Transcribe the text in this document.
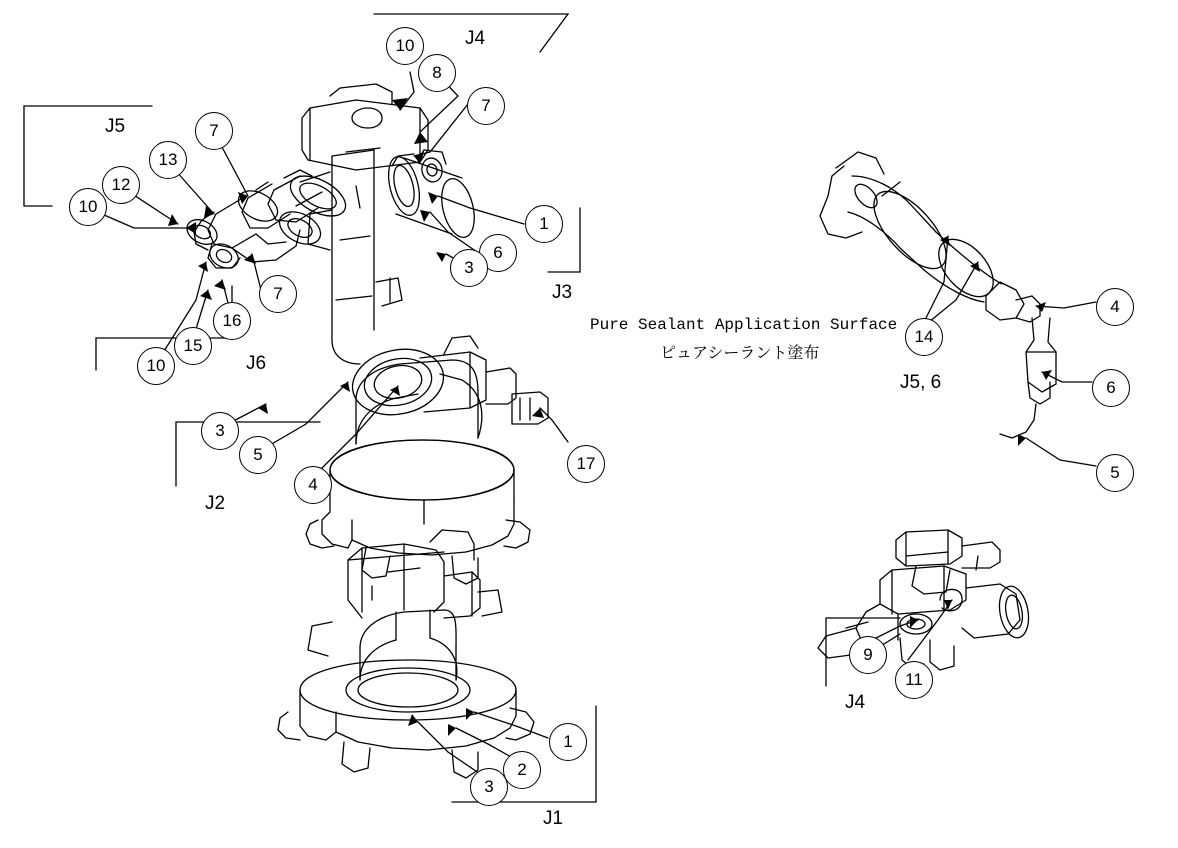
10
8
7
7
13
12
10
1
6
3
7
16
15
10
3
5
4
17
4
14
6
5
9
11
1
2
3
J4
J5
J3
J6
J2
J5, 6
J1
J4
Pure Sealant Application Surface
ピュアシーラント塗布
